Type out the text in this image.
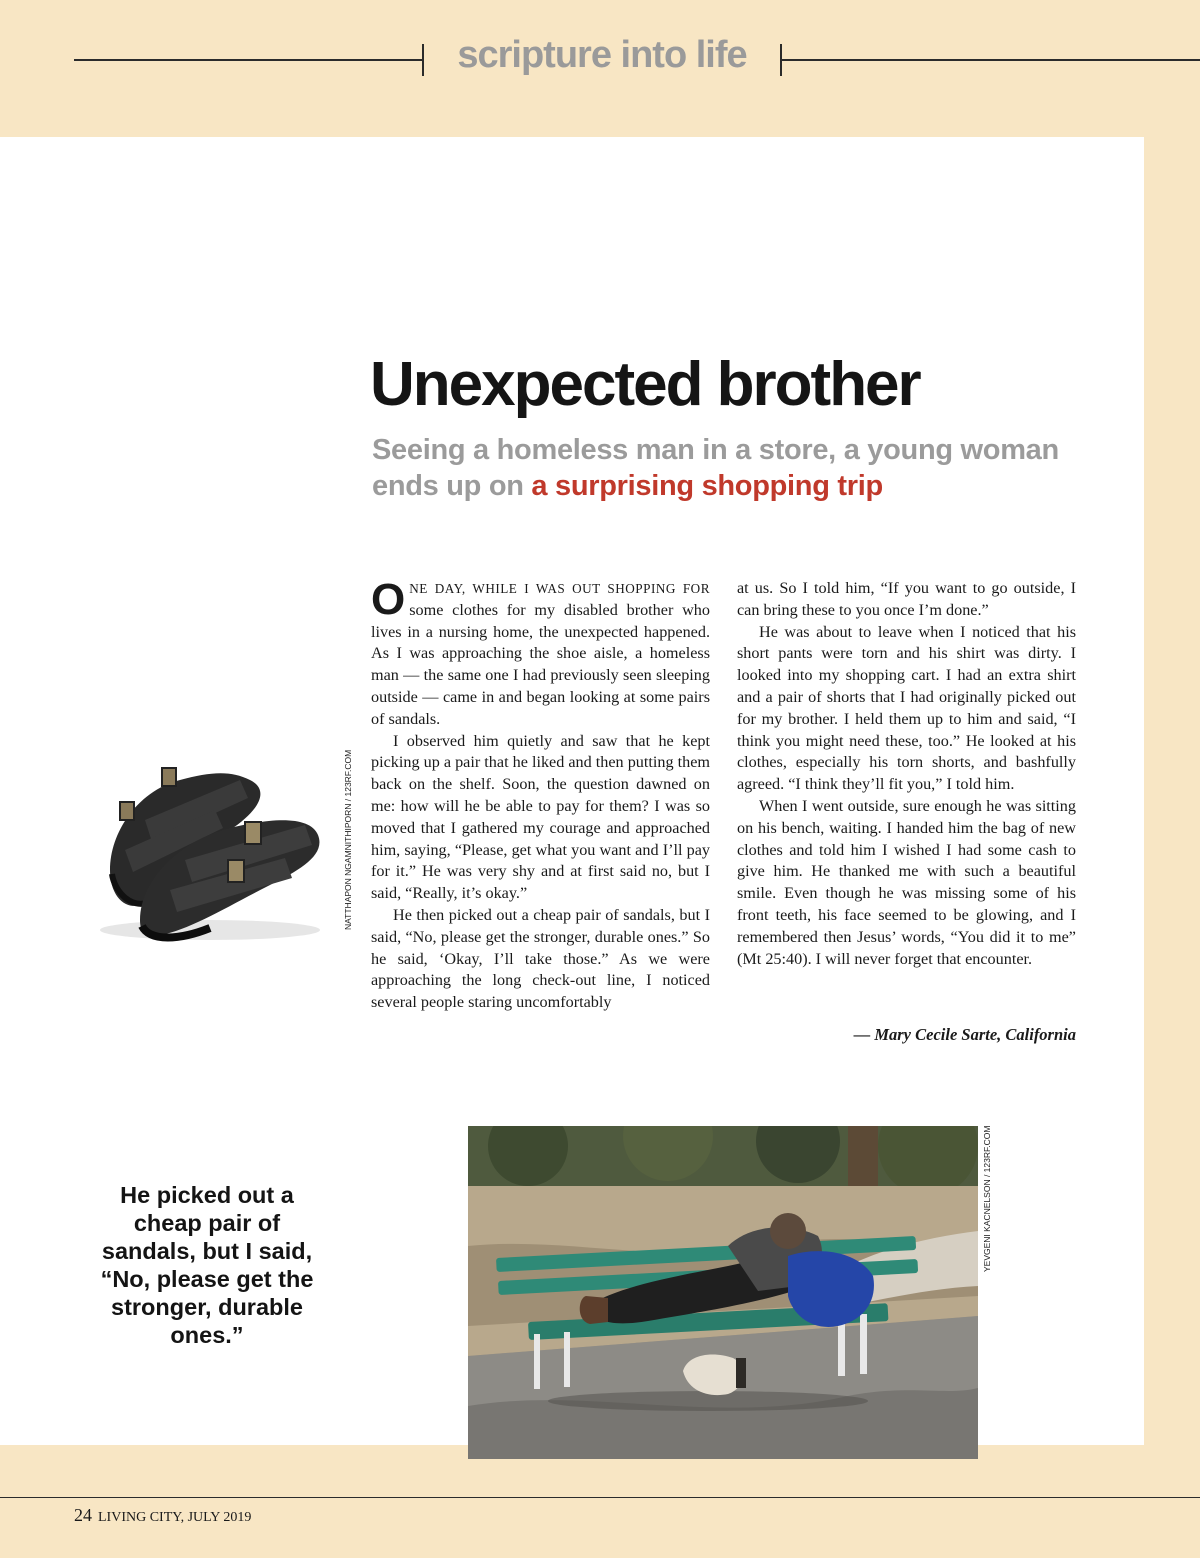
scripture into life
Unexpected brother
Seeing a homeless man in a store, a young woman ends up on a surprising shopping trip

ONE DAY, WHILE I WAS OUT SHOPPING FOR some clothes for my disabled brother who lives in a nursing home, the unexpected happened. As I was approaching the shoe aisle, a homeless man — the same one I had previously seen sleeping outside — came in and began looking at some pairs of sandals.

I observed him quietly and saw that he kept picking up a pair that he liked and then putting them back on the shelf. Soon, the question dawned on me: how will he be able to pay for them? I was so moved that I gathered my courage and approached him, saying, “Please, get what you want and I’ll pay for it.” He was very shy and at first said no, but I said, “Really, it’s okay.”

He then picked out a cheap pair of sandals, but I said, “No, please get the stronger, durable ones.” So he said, ‘Okay, I’ll take those.” As we were approaching the long check-out line, I noticed several people staring uncomfortably

at us. So I told him, “If you want to go outside, I can bring these to you once I’m done.”

He was about to leave when I noticed that his short pants were torn and his shirt was dirty. I looked into my shopping cart. I had an extra shirt and a pair of shorts that I had originally picked out for my brother. I held them up to him and said, “I think you might need these, too.” He looked at his clothes, especially his torn shorts, and bashfully agreed. “I think they’ll fit you,” I told him.

When I went outside, sure enough he was sitting on his bench, waiting. I handed him the bag of new clothes and told him I wished I had some cash to give him. He thanked me with such a beautiful smile. Even though he was missing some of his front teeth, his face seemed to be glowing, and I remembered then Jesus’ words, “You did it to me” (Mt 25:40). I will never forget that encounter.

— Mary Cecile Sarte, California
NATTHAPON NGAMNITHIPORN / 123RF.COM
He picked out a cheap pair of sandals, but I said, “No, please get the stronger, durable ones.”
YEVGENI KACNELSON / 123RF.COM
24 LIVING CITY, JULY 2019
